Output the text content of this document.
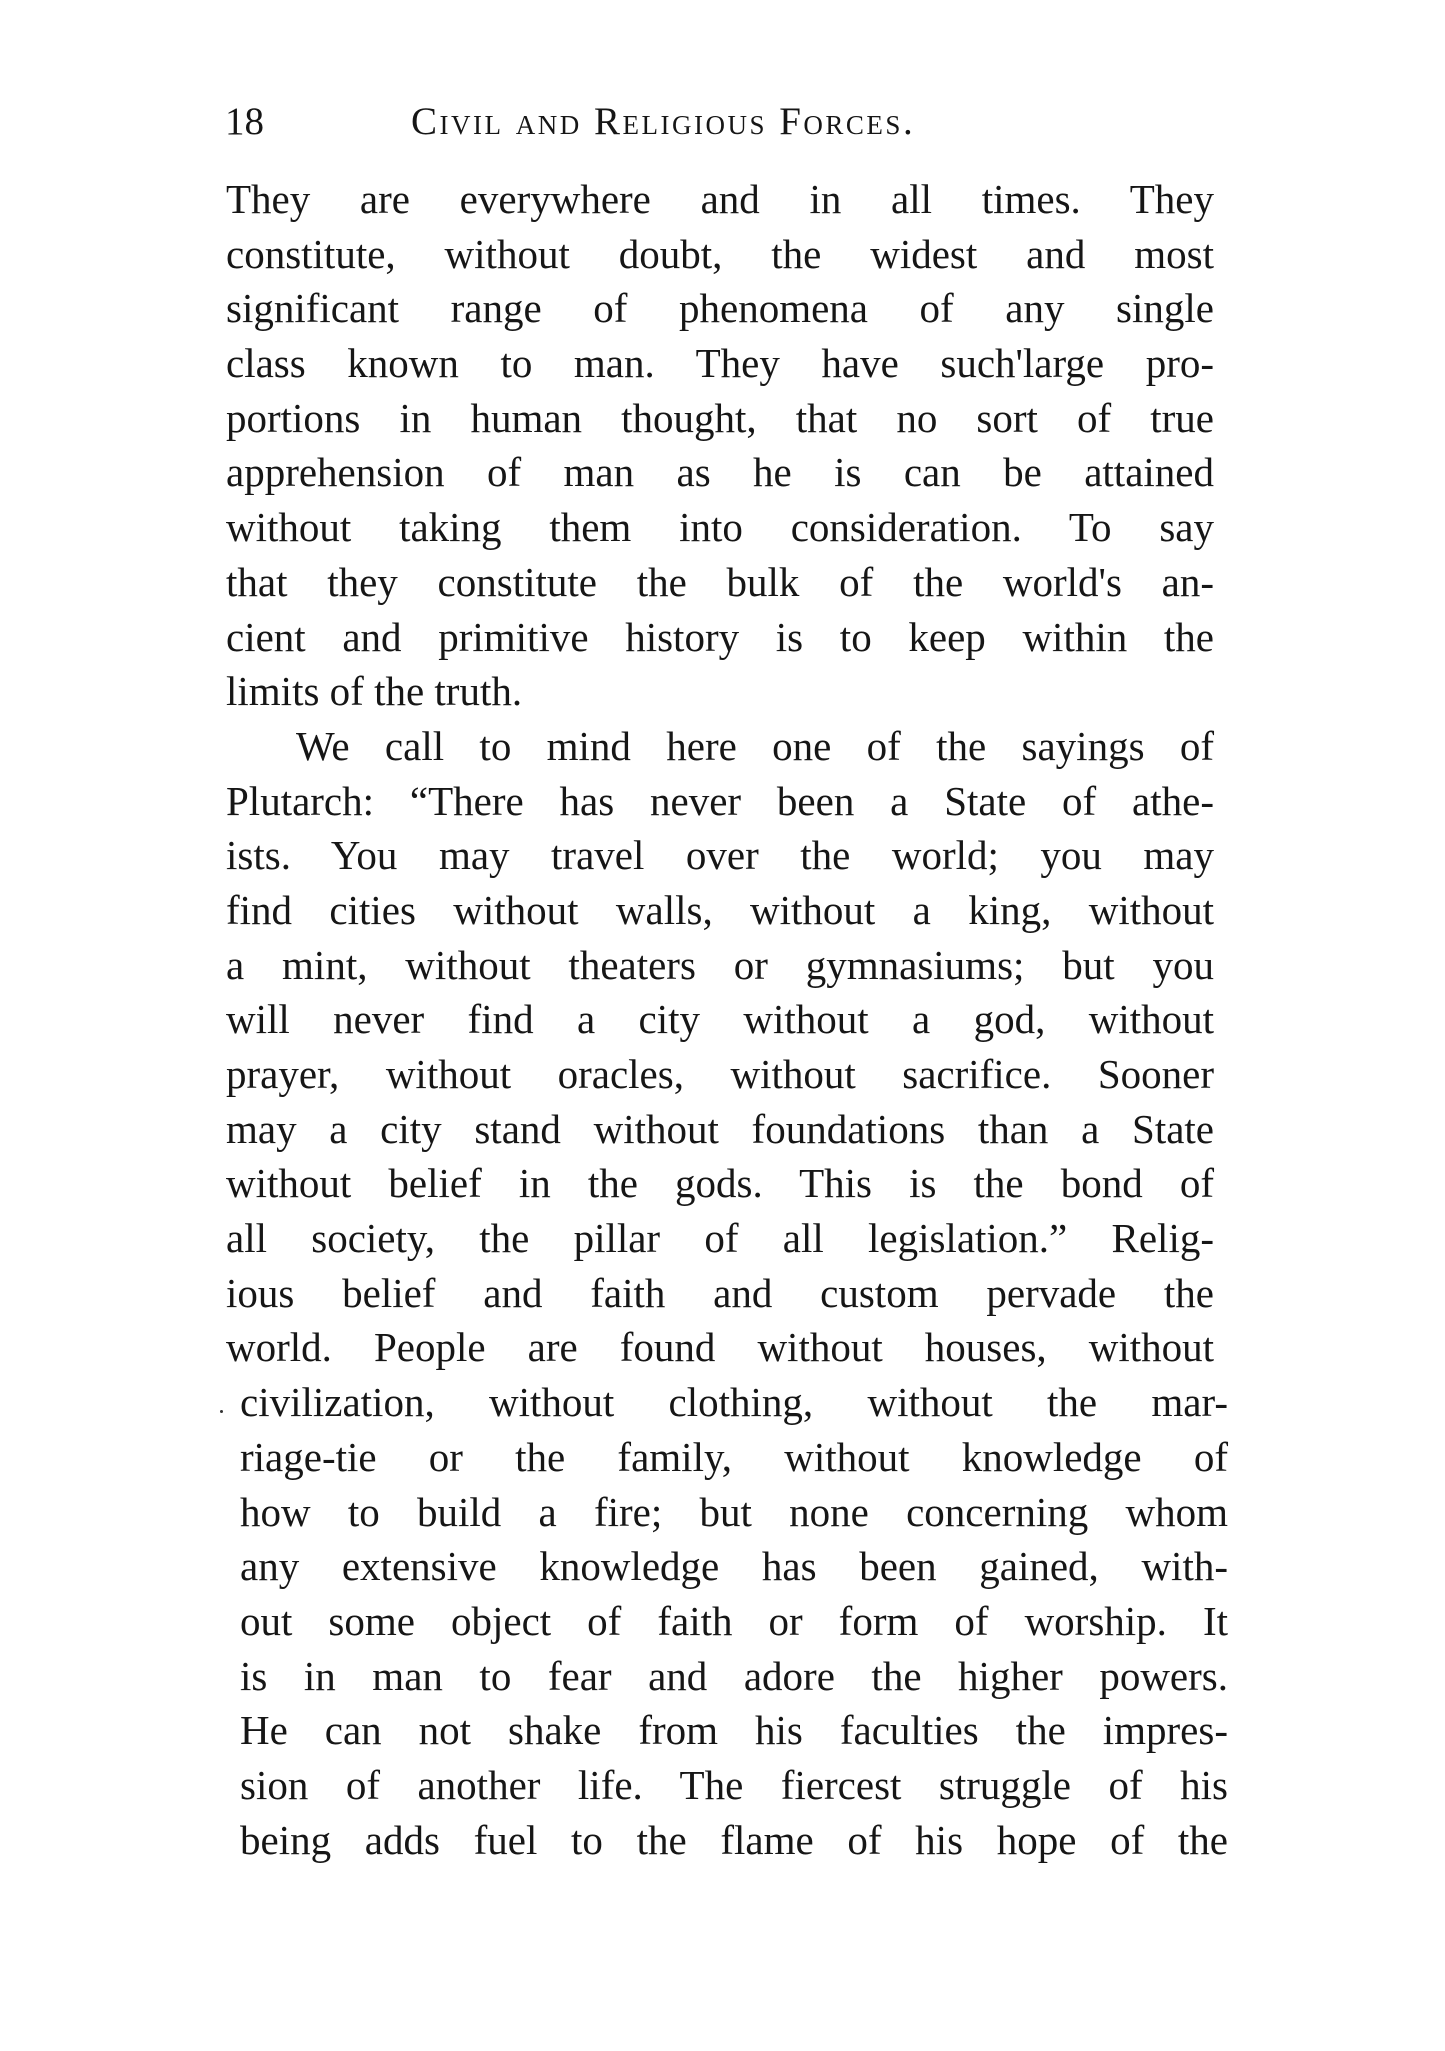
18	Civil and Religious Forces.
They are everywhere and in all times. They
constitute, without doubt, the widest and most
significant range of phenomena of any single
class known to man. They have such'large pro-
portions in human thought, that no sort of true
apprehension of man as he is can be attained
without taking them into consideration. To say
that they constitute the bulk of the world's an-
cient and primitive history is to keep within the
limits of the truth.
We call to mind here one of the sayings of
Plutarch: “There has never been a State of athe-
ists. You may travel over the world; you may
find cities without walls, without a king, without
a mint, without theaters or gymnasiums; but you
will never find a city without a god, without
prayer, without oracles, without sacrifice. Sooner
may a city stand without foundations than a State
without belief in the gods. This is the bond of
all society, the pillar of all legislation.” Relig-
ious belief and faith and custom pervade the
world. People are found without houses, without
civilization, without clothing, without the mar-
riage-tie or the family, without knowledge of
how to build a fire; but none concerning whom
any extensive knowledge has been gained, with-
out some object of faith or form of worship. It
is in man to fear and adore the higher powers.
He can not shake from his faculties the impres-
sion of another life. The fiercest struggle of his
being adds fuel to the flame of his hope of the
